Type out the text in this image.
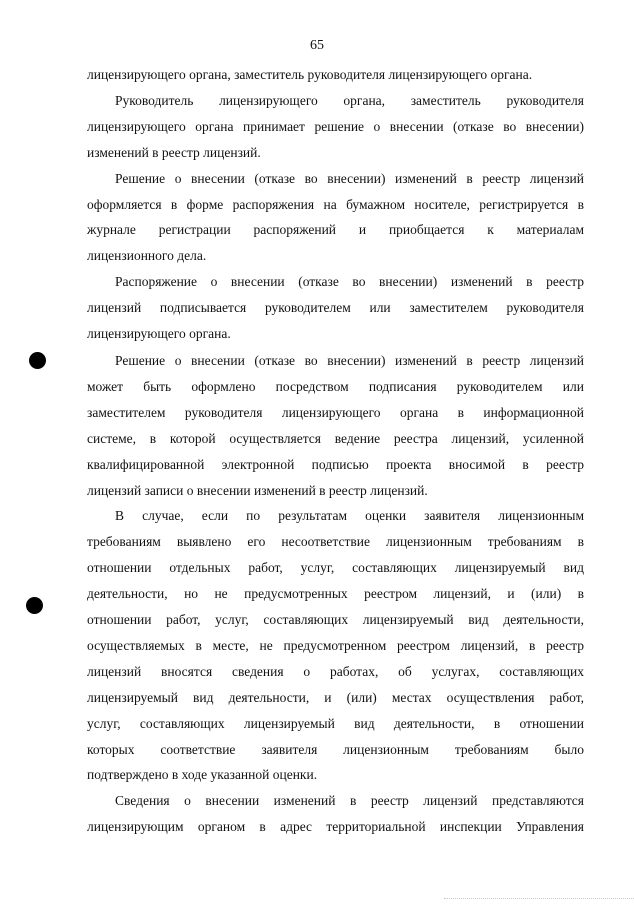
65
лицензирующего органа, заместитель руководителя лицензирующего органа.
Руководитель лицензирующего органа, заместитель руководителя
лицензирующего органа принимает решение о внесении (отказе во внесении)
изменений в реестр лицензий.
Решение о внесении (отказе во внесении) изменений в реестр лицензий
оформляется в форме распоряжения на бумажном носителе, регистрируется в
журнале регистрации распоряжений и приобщается к материалам
лицензионного дела.
Распоряжение о внесении (отказе во внесении) изменений в реестр
лицензий подписывается руководителем или заместителем руководителя
лицензирующего органа.
Решение о внесении (отказе во внесении) изменений в реестр лицензий
может быть оформлено посредством подписания руководителем или
заместителем руководителя лицензирующего органа в информационной
системе, в которой осуществляется ведение реестра лицензий, усиленной
квалифицированной электронной подписью проекта вносимой в реестр
лицензий записи о внесении изменений в реестр лицензий.
В случае, если по результатам оценки заявителя лицензионным
требованиям выявлено его несоответствие лицензионным требованиям в
отношении отдельных работ, услуг, составляющих лицензируемый вид
деятельности, но не предусмотренных реестром лицензий, и (или) в
отношении работ, услуг, составляющих лицензируемый вид деятельности,
осуществляемых в месте, не предусмотренном реестром лицензий, в реестр
лицензий вносятся сведения о работах, об услугах, составляющих
лицензируемый вид деятельности, и (или) местах осуществления работ,
услуг, составляющих лицензируемый вид деятельности, в отношении
которых соответствие заявителя лицензионным требованиям было
подтверждено в ходе указанной оценки.
Сведения о внесении изменений в реестр лицензий представляются
лицензирующим органом в адрес территориальной инспекции Управления
